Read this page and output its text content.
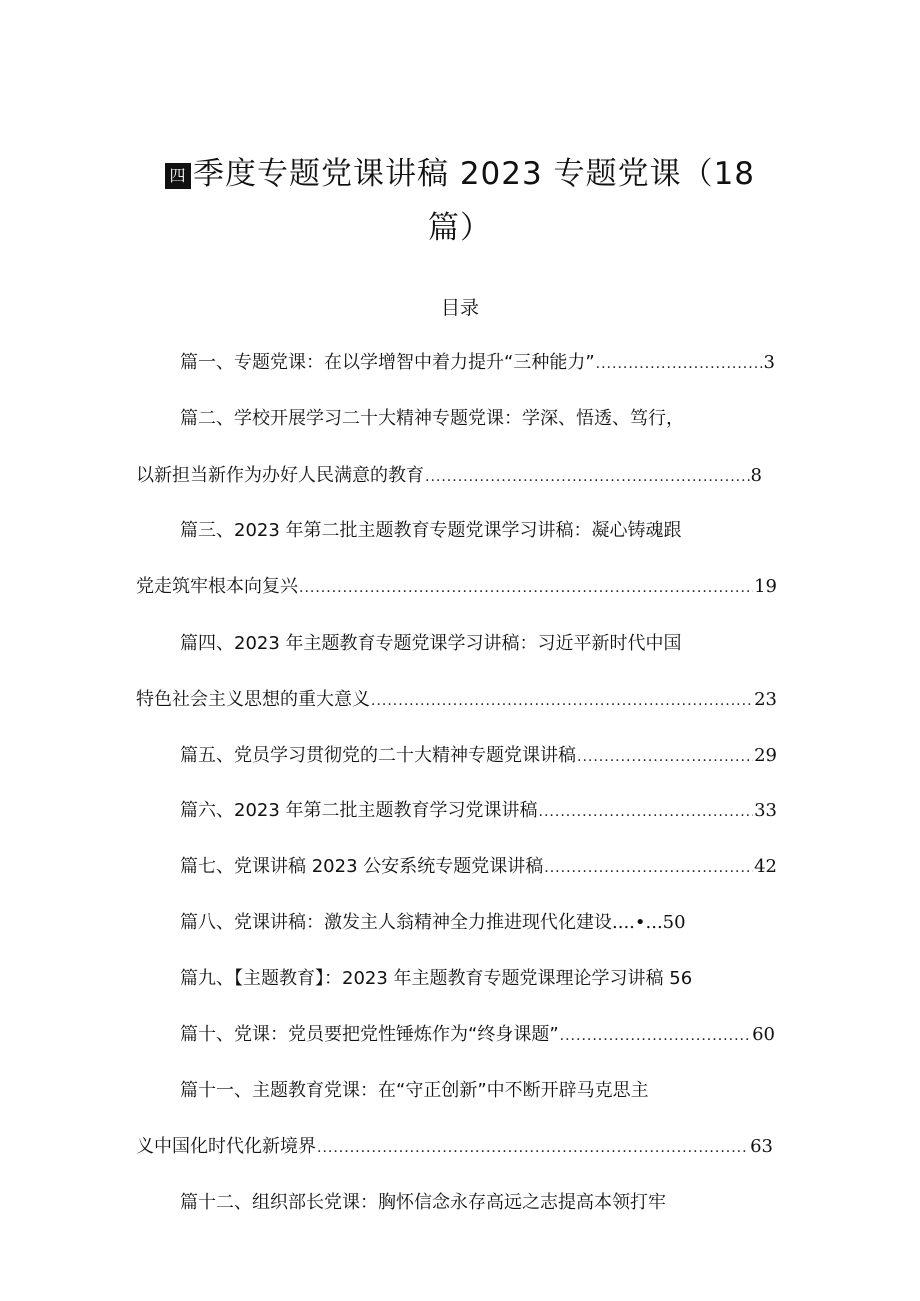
四 季度专题党课讲稿 2023 专题党课（18
篇）
目录
篇一、专题党课：在以学增智中着力提升“三种能力” .....	3
篇二、学校开展学习二十大精神专题党课：学深、悟透、笃行，
以新担当新作为办好人民满意的教育 .....	8
篇三、2023 年第二批主题教育专题党课学习讲稿：凝心铸魂跟
党走筑牢根本向复兴 .....	19
篇四、2023 年主题教育专题党课学习讲稿：习近平新时代中国
特色社会主义思想的重大意义 .....	23
篇五、党员学习贯彻党的二十大精神专题党课讲稿 .....	29
篇六、2023 年第二批主题教育学习党课讲稿 .....	33
篇七、党课讲稿 2023 公安系统专题党课讲稿 .....	42
篇八、党课讲稿：激发主人翁精神全力推进现代化建设 ....•...50
篇九、【主题教育】：2023 年主题教育专题党课理论学习讲稿 56
篇十、党课：党员要把党性锤炼作为“终身课题” .....	60
篇十一、主题教育党课：在“守正创新”中不断开辟马克思主
义中国化时代化新境界 .....	63
篇十二、组织部长党课：胸怀信念永存高远之志提高本领打牢
